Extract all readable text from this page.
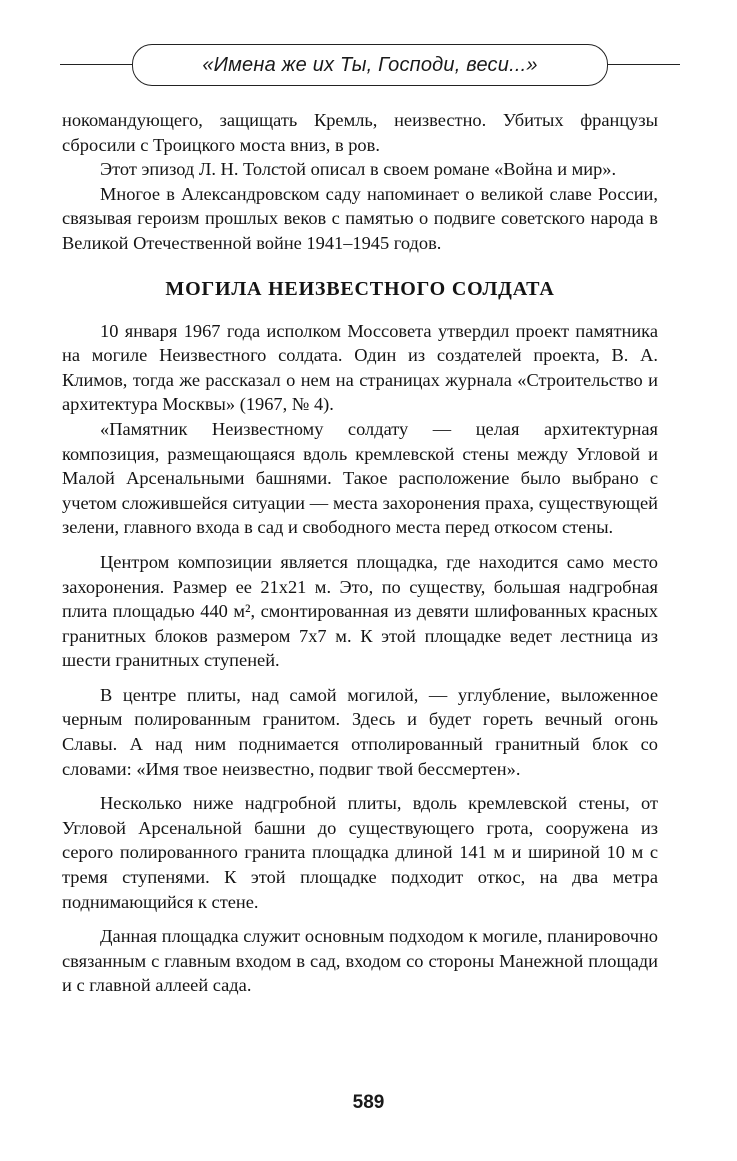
«Имена же их Ты, Господи, веси...»

нокомандующего, защищать Кремль, неизвестно. Убитых французы сбросили с Троицкого моста вниз, в ров.

Этот эпизод Л. Н. Толстой описал в своем романе «Война и мир».

Многое в Александровском саду напоминает о великой славе России, связывая героизм прошлых веков с памятью о подвиге советского народа в Великой Отечественной войне 1941–1945 годов.

МОГИЛА НЕИЗВЕСТНОГО СОЛДАТА

10 января 1967 года исполком Моссовета утвердил проект памятника на могиле Неизвестного солдата. Один из создателей проекта, В. А. Климов, тогда же рассказал о нем на страницах журнала «Строительство и архитектура Москвы» (1967, № 4).

«Памятник Неизвестному солдату — целая архитектурная композиция, размещающаяся вдоль кремлевской стены между Угловой и Малой Арсенальными башнями. Такое расположение было выбрано с учетом сложившейся ситуации — места захоронения праха, существующей зелени, главного входа в сад и свободного места перед откосом стены.

Центром композиции является площадка, где находится само место захоронения. Размер ее 21х21 м. Это, по существу, большая надгробная плита площадью 440 м², смонтированная из девяти шлифованных красных гранитных блоков размером 7х7 м. К этой площадке ведет лестница из шести гранитных ступеней.

В центре плиты, над самой могилой, — углубление, выложенное черным полированным гранитом. Здесь и будет гореть вечный огонь Славы. А над ним поднимается отполированный гранитный блок со словами: «Имя твое неизвестно, подвиг твой бессмертен».

Несколько ниже надгробной плиты, вдоль кремлевской стены, от Угловой Арсенальной башни до существующего грота, сооружена из серого полированного гранита площадка длиной 141 м и шириной 10 м с тремя ступенями. К этой площадке подходит откос, на два метра поднимающийся к стене.

Данная площадка служит основным подходом к могиле, планировочно связанным с главным входом в сад, входом со стороны Манежной площади и с главной аллеей сада.

589
